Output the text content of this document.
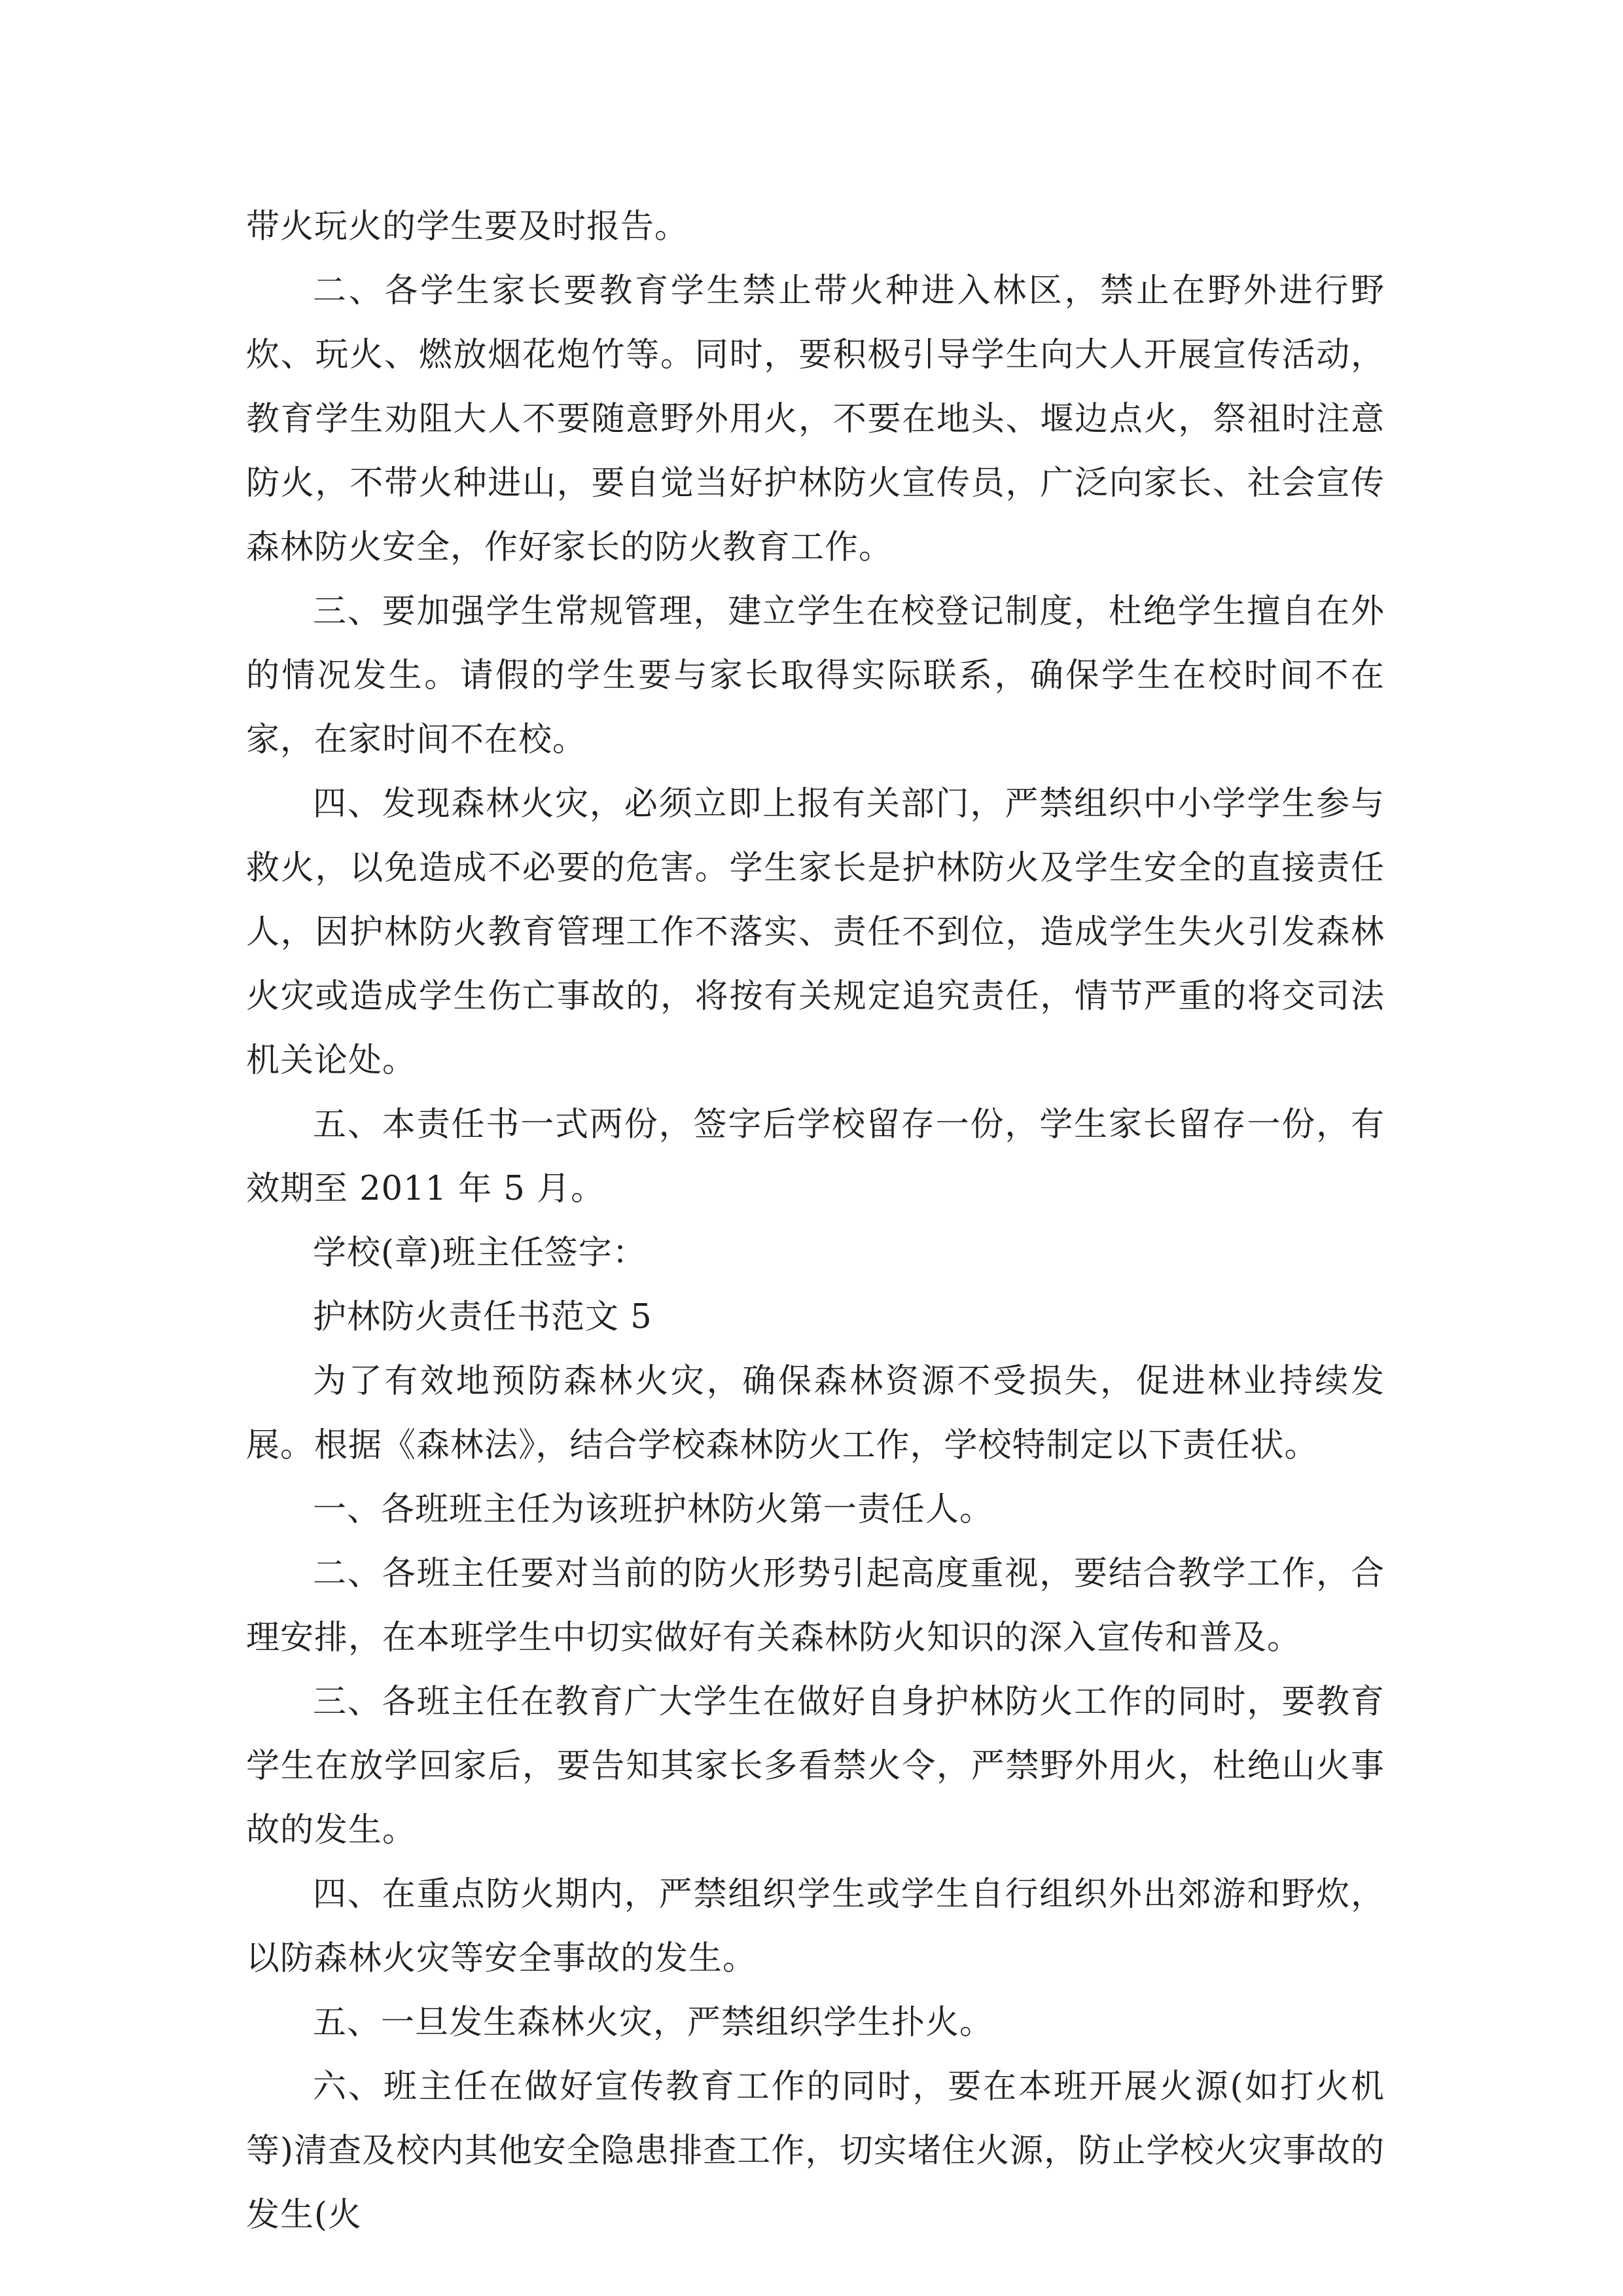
带火玩火的学生要及时报告。

二、各学生家长要教育学生禁止带火种进入林区，禁止在野外进行野炊、玩火、燃放烟花炮竹等。同时，要积极引导学生向大人开展宣传活动，教育学生劝阻大人不要随意野外用火，不要在地头、堰边点火，祭祖时注意防火，不带火种进山，要自觉当好护林防火宣传员，广泛向家长、社会宣传森林防火安全，作好家长的防火教育工作。

三、要加强学生常规管理，建立学生在校登记制度，杜绝学生擅自在外的情况发生。请假的学生要与家长取得实际联系，确保学生在校时间不在家，在家时间不在校。

四、发现森林火灾，必须立即上报有关部门，严禁组织中小学学生参与救火，以免造成不必要的危害。学生家长是护林防火及学生安全的直接责任人，因护林防火教育管理工作不落实、责任不到位，造成学生失火引发森林火灾或造成学生伤亡事故的，将按有关规定追究责任，情节严重的将交司法机关论处。

五、本责任书一式两份，签字后学校留存一份，学生家长留存一份，有效期至 2011 年 5 月。

学校(章)班主任签字：

护林防火责任书范文 5

为了有效地预防森林火灾，确保森林资源不受损失，促进林业持续发展。根据《森林法》，结合学校森林防火工作，学校特制定以下责任状。

一、各班班主任为该班护林防火第一责任人。

二、各班主任要对当前的防火形势引起高度重视，要结合教学工作，合理安排，在本班学生中切实做好有关森林防火知识的深入宣传和普及。

三、各班主任在教育广大学生在做好自身护林防火工作的同时，要教育学生在放学回家后，要告知其家长多看禁火令，严禁野外用火，杜绝山火事故的发生。

四、在重点防火期内，严禁组织学生或学生自行组织外出郊游和野炊，以防森林火灾等安全事故的发生。

五、一旦发生森林火灾，严禁组织学生扑火。

六、班主任在做好宣传教育工作的同时，要在本班开展火源(如打火机等)清查及校内其他安全隐患排查工作，切实堵住火源，防止学校火灾事故的发生(火
